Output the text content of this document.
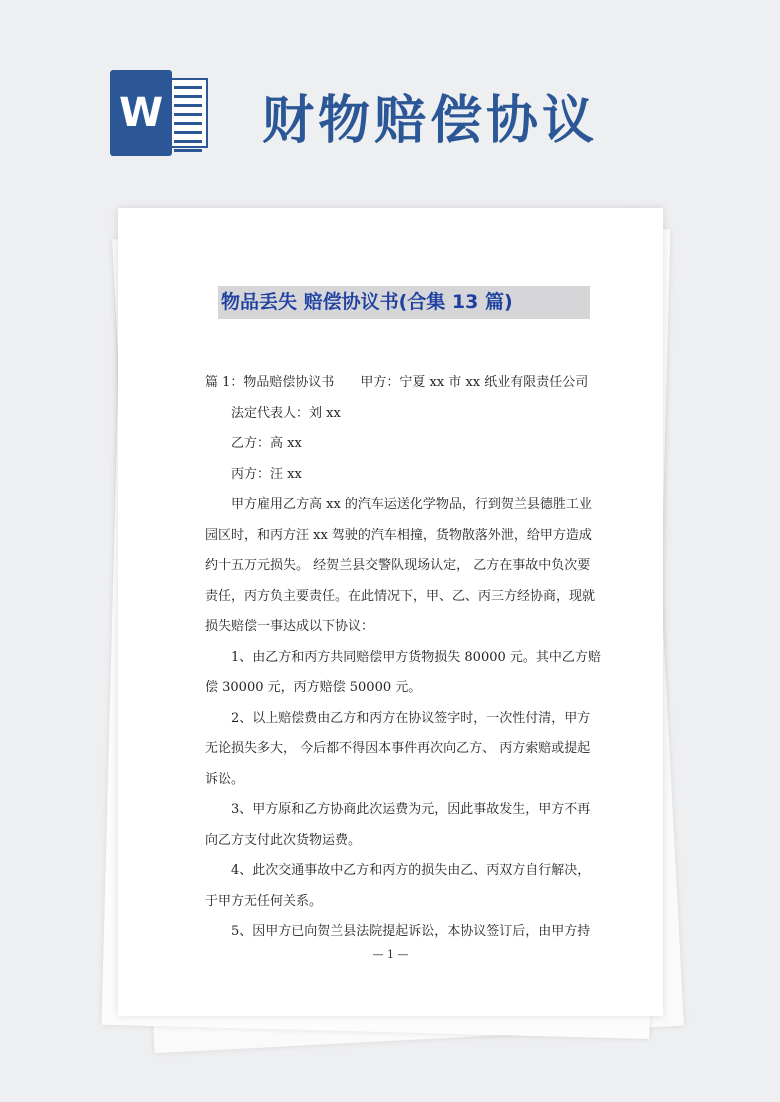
W 财物赔偿协议
物品丢失 赔偿协议书(合集 13 篇)

篇 1：物品赔偿协议书　　甲方：宁夏 xx 市 xx 纸业有限责任公司

法定代表人：刘 xx

乙方：高 xx

丙方：汪 xx

甲方雇用乙方高 xx 的汽车运送化学物品，行到贺兰县德胜工业园区时，和丙方汪 xx 驾驶的汽车相撞，货物散落外泄，给甲方造成约十五万元损失。 经贺兰县交警队现场认定， 乙方在事故中负次要责任，丙方负主要责任。在此情况下，甲、乙、丙三方经协商，现就损失赔偿一事达成以下协议：

1、由乙方和丙方共同赔偿甲方货物损失 80000 元。其中乙方赔偿 30000 元，丙方赔偿 50000 元。

2、以上赔偿费由乙方和丙方在协议签字时，一次性付清，甲方无论损失多大， 今后都不得因本事件再次向乙方、 丙方索赔或提起诉讼。

3、甲方原和乙方协商此次运费为元，因此事故发生，甲方不再向乙方支付此次货物运费。

4、此次交通事故中乙方和丙方的损失由乙、丙双方自行解决，于甲方无任何关系。

5、因甲方已向贺兰县法院提起诉讼，本协议签订后，由甲方持

— 1 —
